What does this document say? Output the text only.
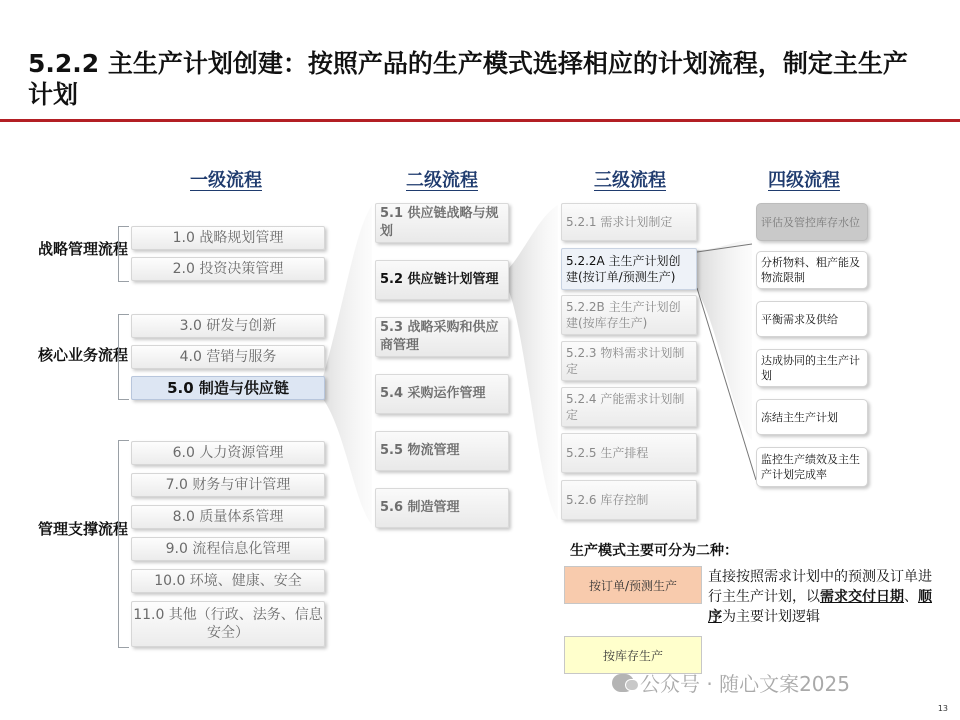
5.2.2 主生产计划创建：按照产品的生产模式选择相应的计划流程，制定主生产计划
一级流程	二级流程	三级流程	四级流程
战略管理流程
核心业务流程
管理支撑流程
1.0 战略规划管理
2.0 投资决策管理
3.0 研发与创新
4.0 营销与服务
5.0 制造与供应链
6.0 人力资源管理
7.0 财务与审计管理
8.0 质量体系管理
9.0 流程信息化管理
10.0 环境、健康、安全
11.0 其他（行政、法务、信息安全）
5.1 供应链战略与规划
5.2 供应链计划管理
5.3 战略采购和供应商管理
5.4 采购运作管理
5.5 物流管理
5.6 制造管理
5.2.1 需求计划制定
5.2.2A 主生产计划创建(按订单/预测生产)
5.2.2B 主生产计划创建(按库存生产)
5.2.3 物料需求计划制定
5.2.4 产能需求计划制定
5.2.5 生产排程
5.2.6 库存控制
评估及管控库存水位
分析物料、粗产能及物流限制
平衡需求及供给
达成协同的主生产计划
冻结主生产计划
监控生产绩效及主生产计划完成率
生产模式主要可分为二种：
按订单/预测生产
按库存生产
直接按照需求计划中的预测及订单进行主生产计划，以需求交付日期、顺序为主要计划逻辑
公众号 · 随心文案2025
13
